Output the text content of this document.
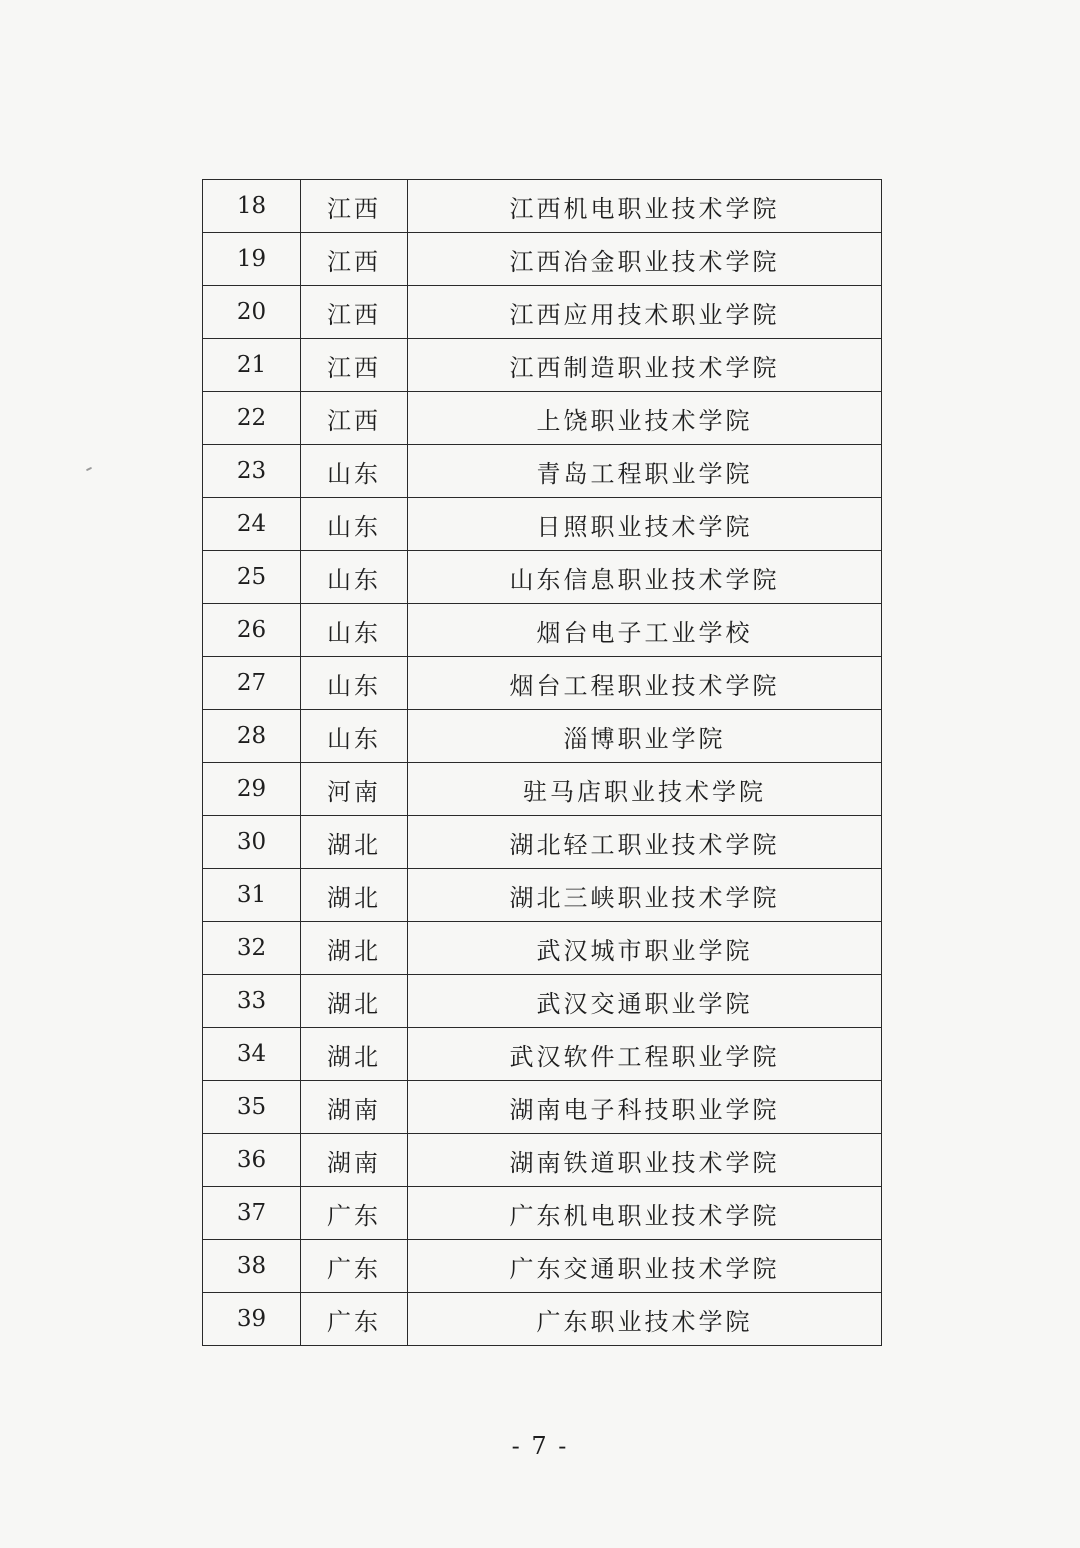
18	江西	江西机电职业技术学院
19	江西	江西冶金职业技术学院
20	江西	江西应用技术职业学院
21	江西	江西制造职业技术学院
22	江西	上饶职业技术学院
23	山东	青岛工程职业学院
24	山东	日照职业技术学院
25	山东	山东信息职业技术学院
26	山东	烟台电子工业学校
27	山东	烟台工程职业技术学院
28	山东	淄博职业学院
29	河南	驻马店职业技术学院
30	湖北	湖北轻工职业技术学院
31	湖北	湖北三峡职业技术学院
32	湖北	武汉城市职业学院
33	湖北	武汉交通职业学院
34	湖北	武汉软件工程职业学院
35	湖南	湖南电子科技职业学院
36	湖南	湖南铁道职业技术学院
37	广东	广东机电职业技术学院
38	广东	广东交通职业技术学院
39	广东	广东职业技术学院
- 7 -
